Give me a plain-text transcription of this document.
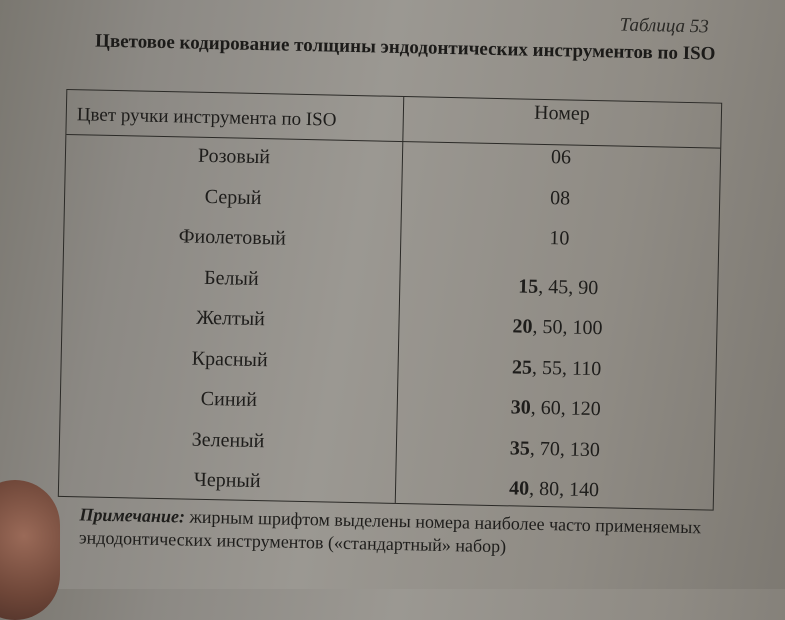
Таблица 53
Цветовое кодирование толщины эндодонтических инструментов по ISO
Цвет ручки инструмента по ISO	Номер
Розовый	06
Серый	08
Фиолетовый	10
Белый	15, 45, 90
Желтый	20, 50, 100
Красный	25, 55, 110
Синий	30, 60, 120
Зеленый	35, 70, 130
Черный	40, 80, 140
Примечание: жирным шрифтом выделены номера наиболее часто применяемых эндодонтических инструментов («стандартный» набор)
